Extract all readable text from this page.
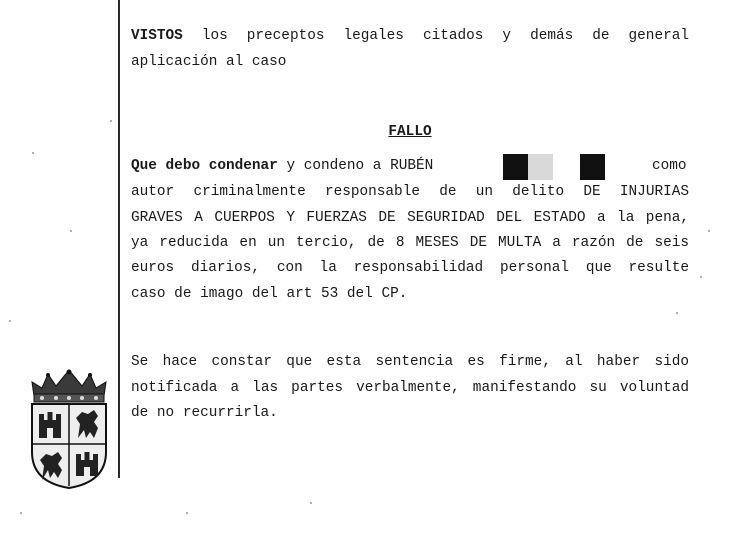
VISTOS los preceptos legales citados y demás de general
aplicación al caso
FALLO
Que debo condenar y condeno a RUBÉN	como
autor criminalmente responsable de un delito DE INJURIAS
GRAVES A CUERPOS Y FUERZAS DE SEGURIDAD DEL ESTADO a la pena,
ya reducida en un tercio, de 8 MESES DE MULTA a razón de seis
euros diarios, con la responsabilidad personal que resulte
caso de imago del art 53 del CP.
Se hace constar que esta sentencia es firme, al haber sido
notificada a las partes verbalmente, manifestando su voluntad
de no recurrirla.
